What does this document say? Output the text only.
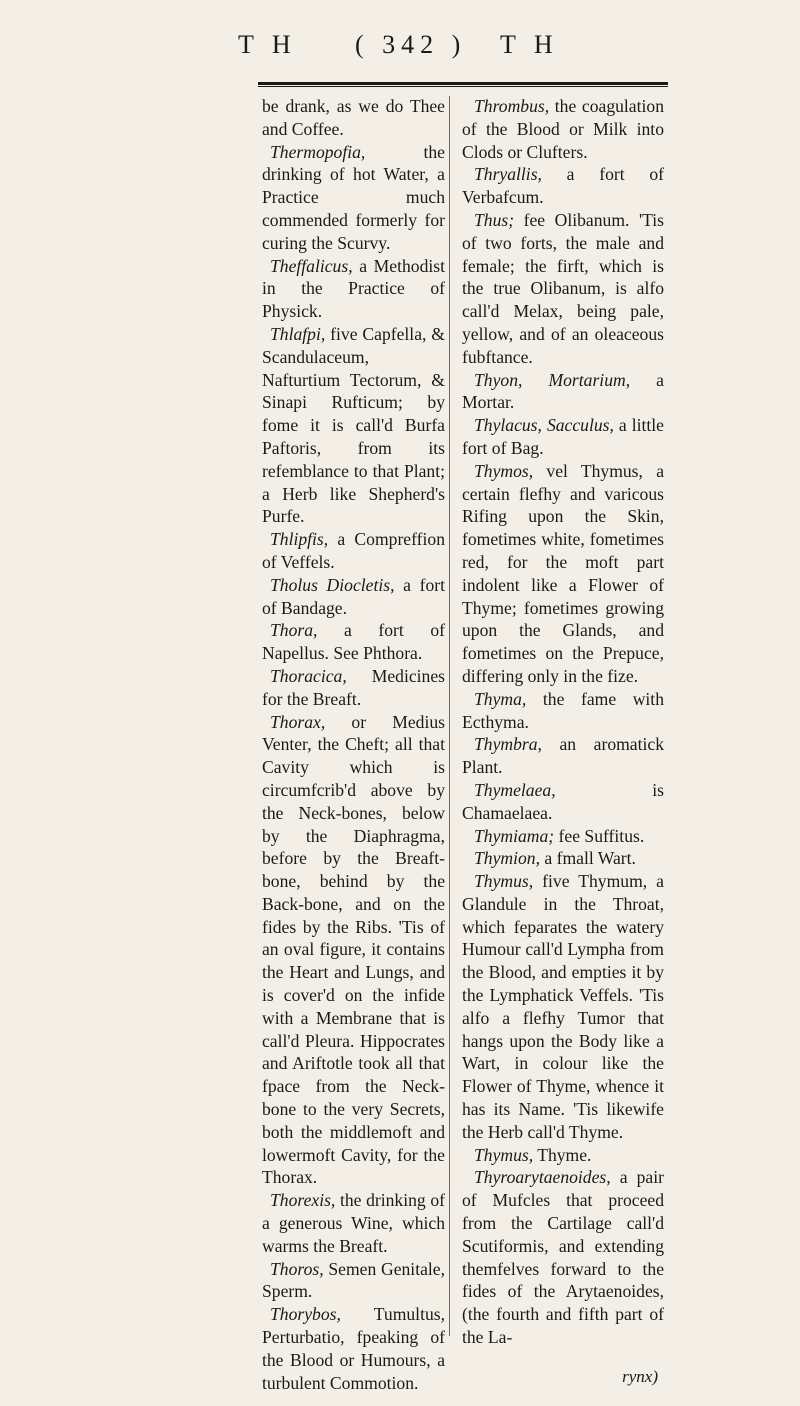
T H ( 342 ) T H

be drank, as we do Thee and Coffee.

Thermopofia, the drinking of hot Water, a Practice much commended formerly for curing the Scurvy.

Theffalicus, a Methodist in the Practice of Physick.

Thlafpi, five Capfella, & Scandulaceum, Nafturtium Tectorum, & Sinapi Rufticum; by fome it is call'd Burfa Paftoris, from its refemblance to that Plant; a Herb like Shepherd's Purfe.

Thlipfis, a Compreffion of Veffels.

Tholus Diocletis, a fort of Bandage.

Thora, a fort of Napellus. See Phthora.

Thoracica, Medicines for the Breaft.

Thorax, or Medius Venter, the Cheft; all that Cavity which is circumfcrib'd above by the Neck-bones, below by the Diaphragma, before by the Breaft-bone, behind by the Back-bone, and on the fides by the Ribs. 'Tis of an oval figure, it contains the Heart and Lungs, and is cover'd on the infide with a Membrane that is call'd Pleura. Hippocrates and Ariftotle took all that fpace from the Neck-bone to the very Secrets, both the middlemoft and lowermoft Cavity, for the Thorax.

Thorexis, the drinking of a generous Wine, which warms the Breaft.

Thoros, Semen Genitale, Sperm.

Thorybos, Tumultus, Perturbatio, fpeaking of the Blood or Humours, a turbulent Commotion.

Thrombus, the coagulation of the Blood or Milk into Clods or Clufters.

Thryallis, a fort of Verbafcum.

Thus; fee Olibanum. 'Tis of two forts, the male and female; the firft, which is the true Olibanum, is alfo call'd Melax, being pale, yellow, and of an oleaceous fubftance.

Thyon, Mortarium, a Mortar.

Thylacus, Sacculus, a little fort of Bag.

Thymos, vel Thymus, a certain flefhy and varicous Rifing upon the Skin, fometimes white, fometimes red, for the moft part indolent like a Flower of Thyme; fometimes growing upon the Glands, and fometimes on the Prepuce, differing only in the fize.

Thyma, the fame with Ecthyma.

Thymbra, an aromatick Plant.

Thymelaea, is Chamaelaea.

Thymiama; fee Suffitus.

Thymion, a fmall Wart.

Thymus, five Thymum, a Glandule in the Throat, which feparates the watery Humour call'd Lympha from the Blood, and empties it by the Lymphatick Veffels. 'Tis alfo a flefhy Tumor that hangs upon the Body like a Wart, in colour like the Flower of Thyme, whence it has its Name. 'Tis likewife the Herb call'd Thyme.

Thymus, Thyme.

Thyroarytaenoides, a pair of Mufcles that proceed from the Cartilage call'd Scutiformis, and extending themfelves forward to the fides of the Arytaenoides, (the fourth and fifth part of the La-

rynx)
